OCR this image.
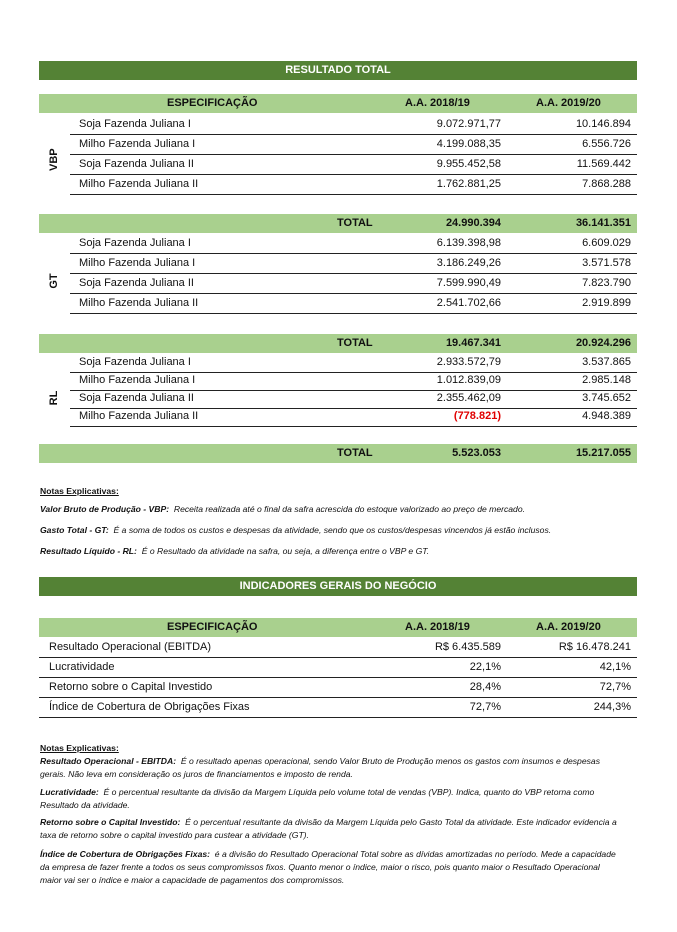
RESULTADO TOTAL
ESPECIFICAÇÃO	A.A. 2018/19	A.A. 2019/20
VBP
Soja Fazenda Juliana I	9.072.971,77	10.146.894
Milho Fazenda Juliana I	4.199.088,35	6.556.726
Soja Fazenda Juliana II	9.955.452,58	11.569.442
Milho Fazenda Juliana II	1.762.881,25	7.868.288
TOTAL	24.990.394	36.141.351
GT
Soja Fazenda Juliana I	6.139.398,98	6.609.029
Milho Fazenda Juliana I	3.186.249,26	3.571.578
Soja Fazenda Juliana II	7.599.990,49	7.823.790
Milho Fazenda Juliana II	2.541.702,66	2.919.899
TOTAL	19.467.341	20.924.296
RL
Soja Fazenda Juliana I	2.933.572,79	3.537.865
Milho Fazenda Juliana I	1.012.839,09	2.985.148
Soja Fazenda Juliana II	2.355.462,09	3.745.652
Milho Fazenda Juliana II	(778.821)	4.948.389
TOTAL	5.523.053	15.217.055
Notas Explicativas:
Valor Bruto de Produção - VBP: Receita realizada até o final da safra acrescida do estoque valorizado ao preço de mercado.
Gasto Total - GT: É a soma de todos os custos e despesas da atividade, sendo que os custos/despesas vincendos já estão inclusos.
Resultado Líquido - RL: É o Resultado da atividade na safra, ou seja, a diferença entre o VBP e GT.
INDICADORES GERAIS DO NEGÓCIO
ESPECIFICAÇÃO	A.A. 2018/19	A.A. 2019/20
Resultado Operacional (EBITDA)	R$ 6.435.589	R$ 16.478.241
Lucratividade	22,1%	42,1%
Retorno sobre o Capital Investido	28,4%	72,7%
Índice de Cobertura de Obrigações Fixas	72,7%	244,3%
Notas Explicativas:
Resultado Operacional - EBITDA: É o resultado apenas operacional, sendo Valor Bruto de Produção menos os gastos com insumos e despesas gerais. Não leva em consideração os juros de financiamentos e imposto de renda.
Lucratividade: É o percentual resultante da divisão da Margem Líquida pelo volume total de vendas (VBP). Indica, quanto do VBP retorna como Resultado da atividade.
Retorno sobre o Capital Investido: É o percentual resultante da divisão da Margem Líquida pelo Gasto Total da atividade. Este indicador evidencia a taxa de retorno sobre o capital investido para custear a atividade (GT).
Índice de Cobertura de Obrigações Fixas: é a divisão do Resultado Operacional Total sobre as dívidas amortizadas no período. Mede a capacidade da empresa de fazer frente a todos os seus compromissos fixos. Quanto menor o índice, maior o risco, pois quanto maior o Resultado Operacional maior vai ser o índice e maior a capacidade de pagamentos dos compromissos.
